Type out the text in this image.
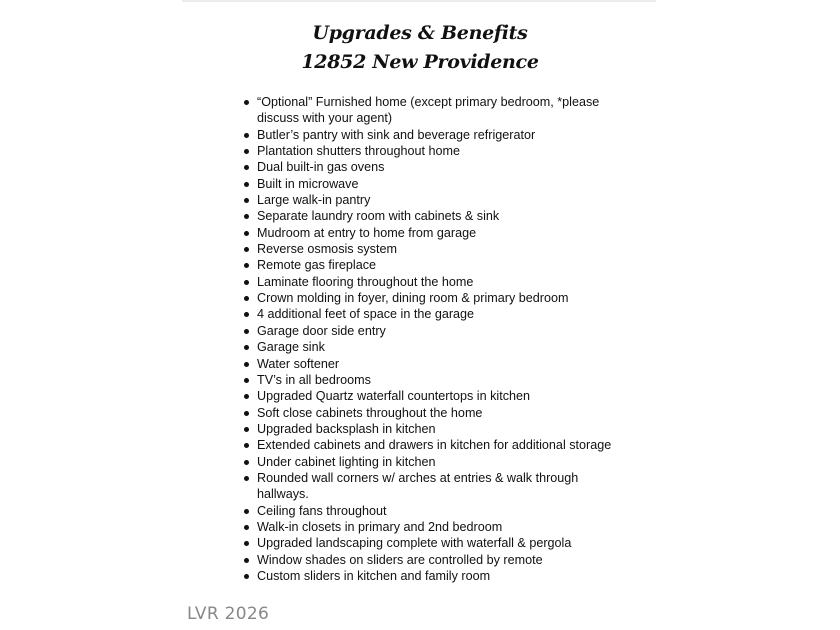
Upgrades & Benefits
12852 New Providence
“Optional” Furnished home (except primary bedroom, *please discuss with your agent)
Butler’s pantry with sink and beverage refrigerator
Plantation shutters throughout home
Dual built-in gas ovens
Built in microwave
Large walk-in pantry
Separate laundry room with cabinets & sink
Mudroom at entry to home from garage
Reverse osmosis system
Remote gas fireplace
Laminate flooring throughout the home
Crown molding in foyer, dining room & primary bedroom
4 additional feet of space in the garage
Garage door side entry
Garage sink
Water softener
TV’s in all bedrooms
Upgraded Quartz waterfall countertops in kitchen
Soft close cabinets throughout the home
Upgraded backsplash in kitchen
Extended cabinets and drawers in kitchen for additional storage
Under cabinet lighting in kitchen
Rounded wall corners w/ arches at entries & walk through hallways.
Ceiling fans throughout
Walk-in closets in primary and 2nd bedroom
Upgraded landscaping complete with waterfall & pergola
Window shades on sliders are controlled by remote
Custom sliders in kitchen and family room
LVR 2026
